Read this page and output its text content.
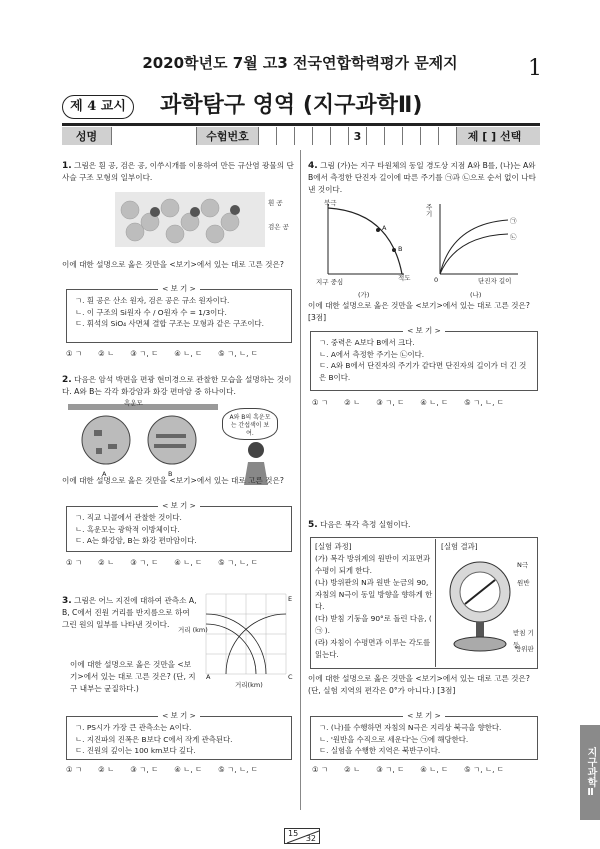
2020학년도 7월 고3 전국연합학력평가 문제지	1
제 4 교시	과학탐구 영역 (지구과학Ⅱ)
성명	수험번호	3	제 [ ] 선택
1. 그림은 흰 공, 검은 공, 이쑤시개를 이용하여 만든 규산염 광물의 단사슬 구조 모형의 일부이다.
흰 공
검은 공
이에 대한 설명으로 옳은 것만을 <보기>에서 있는 대로 고른 것은?
< 보 기 >
ㄱ. 흰 공은 산소 원자, 검은 공은 규소 원자이다.
ㄴ. 이 구조의 Si원자 수 / O원자 수 = 1/3이다.
ㄷ. 휘석의 SiO₄ 사면체 결합 구조는 모형과 같은 구조이다.
① ㄱ ② ㄴ ③ ㄱ, ㄷ ④ ㄴ, ㄷ ⑤ ㄱ, ㄴ, ㄷ
2. 다음은 암석 박편을 편광 현미경으로 관찰한 모습을 설명하는 것이다. A와 B는 각각 화강암과 화강 편마암 중 하나이다.
흑운모
A	B
A와 B의 흑운모는 간섭색이 보여.
이에 대한 설명으로 옳은 것만을 <보기>에서 있는 대로 고른 것은?
< 보 기 >
ㄱ. 직교 니콜에서 관찰한 것이다.
ㄴ. 흑운모는 광학적 이방체이다.
ㄷ. A는 화강암, B는 화강 편마암이다.
① ㄱ ② ㄴ ③ ㄱ, ㄷ ④ ㄴ, ㄷ ⑤ ㄱ, ㄴ, ㄷ
3. 그림은 어느 지진에 대하여 관측소 A, B, C에서 진원 거리를 반지름으로 하여 그린 원의 일부를 나타낸 것이다.
거리 (km)
거리(km)
A	C
E
이에 대한 설명으로 옳은 것만을 <보기>에서 있는 대로 고른 것은? (단, 지구 내부는 균질하다.)
< 보 기 >
ㄱ. PS시가 가장 큰 관측소는 A이다.
ㄴ. 지진파의 진폭은 B보다 C에서 작게 관측된다.
ㄷ. 진원의 깊이는 100 km보다 깊다.
① ㄱ ② ㄴ ③ ㄱ, ㄷ ④ ㄴ, ㄷ ⑤ ㄱ, ㄴ, ㄷ
4. 그림 (가)는 지구 타원체의 동일 경도상 지점 A와 B를, (나)는 A와 B에서 측정한 단진자 길이에 따른 주기를 ㉠과 ㉡으로 순서 없이 나타낸 것이다.
북극
A
B
지구 중심	적도
(가)
주기
㉠
㉡
0	단진자 길이
(나)
이에 대한 설명으로 옳은 것만을 <보기>에서 있는 대로 고른 것은? [3점]
< 보 기 >
ㄱ. 중력은 A보다 B에서 크다.
ㄴ. A에서 측정한 주기는 ㉡이다.
ㄷ. A와 B에서 단진자의 주기가 같다면 단진자의 길이가 더 긴 것은 B이다.
① ㄱ ② ㄴ ③ ㄱ, ㄷ ④ ㄴ, ㄷ ⑤ ㄱ, ㄴ, ㄷ
5. 다음은 복각 측정 실험이다.
[실험 과정]
(가) 복각 방위계의 원반이 지표면과 수평이 되게 한다.
(나) 방위판의 N과 원반 눈금의 90, 자침의 N극이 동일 방향을 향하게 한다.
(다) 받침 기둥을 90°로 돌린 다음, ( ㉠ ).
(라) 자침이 수평면과 이루는 각도를 읽는다.
[실험 결과]
N극
원반
받침 기둥
방위판
이에 대한 설명으로 옳은 것만을 <보기>에서 있는 대로 고른 것은? (단, 실험 지역의 편각은 0°가 아니다.) [3점]
< 보 기 >
ㄱ. (나)를 수행하면 자침의 N극은 지리상 북극을 향한다.
ㄴ. '원반을 수직으로 세운다'는 ㉠에 해당한다.
ㄷ. 실험을 수행한 지역은 북반구이다.
① ㄱ ② ㄴ ③ ㄱ, ㄷ ④ ㄴ, ㄷ ⑤ ㄱ, ㄴ, ㄷ
15
32
지구과학Ⅱ
